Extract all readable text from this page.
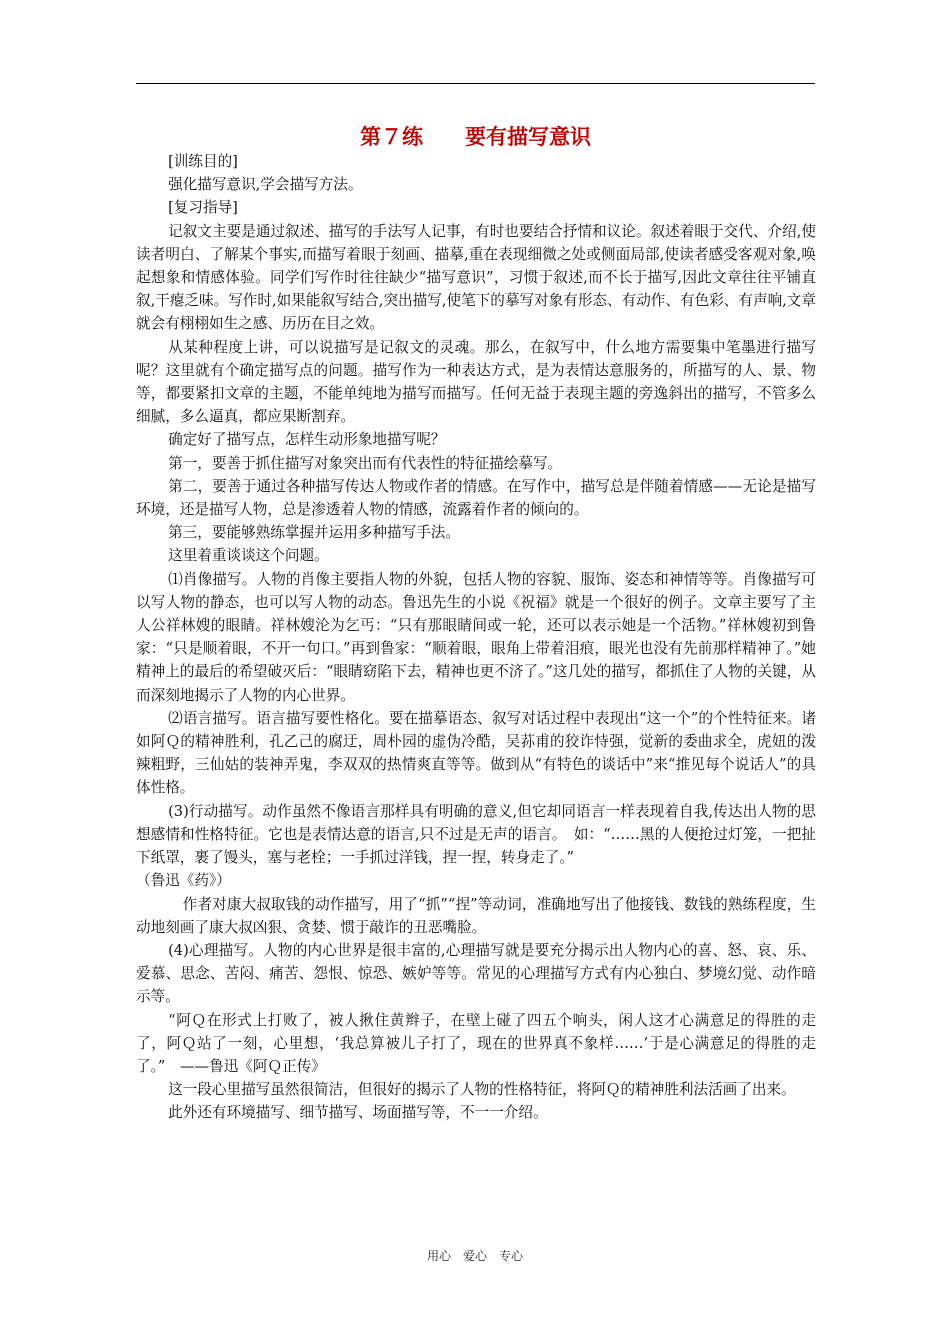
第７练　　要有描写意识

[训练目的]

强化描写意识,学会描写方法。

[复习指导]

记叙文主要是通过叙述、描写的手法写人记事，有时也要结合抒情和议论。叙述着眼于交代、介绍,使读者明白、了解某个事实,而描写着眼于刻画、描摹,重在表现细微之处或侧面局部,使读者感受客观对象,唤起想象和情感体验。同学们写作时往往缺少“描写意识”，习惯于叙述,而不长于描写,因此文章往往平铺直叙,干瘪乏味。写作时,如果能叙写结合,突出描写,使笔下的摹写对象有形态、有动作、有色彩、有声响,文章就会有栩栩如生之感、历历在目之效。

从某种程度上讲，可以说描写是记叙文的灵魂。那么，在叙写中，什么地方需要集中笔墨进行描写呢？这里就有个确定描写点的问题。描写作为一种表达方式，是为表情达意服务的，所描写的人、景、物等，都要紧扣文章的主题，不能单纯地为描写而描写。任何无益于表现主题的旁逸斜出的描写，不管多么细腻，多么逼真，都应果断割弃。

确定好了描写点，怎样生动形象地描写呢？

第一，要善于抓住描写对象突出而有代表性的特征描绘摹写。

第二，要善于通过各种描写传达人物或作者的情感。在写作中，描写总是伴随着情感——无论是描写环境，还是描写人物，总是渗透着人物的情感，流露着作者的倾向的。

第三，要能够熟练掌握并运用多种描写手法。

这里着重谈谈这个问题。

⑴肖像描写。人物的肖像主要指人物的外貌，包括人物的容貌、服饰、姿态和神情等等。肖像描写可以写人物的静态，也可以写人物的动态。鲁迅先生的小说《祝福》就是一个很好的例子。文章主要写了主人公祥林嫂的眼睛。祥林嫂沦为乞丐：“只有那眼睛间或一轮，还可以表示她是一个活物。”祥林嫂初到鲁家：“只是顺着眼，不开一句口。”再到鲁家：“顺着眼，眼角上带着泪痕，眼光也没有先前那样精神了。”她精神上的最后的希望破灭后：“眼睛窈陷下去，精神也更不济了。”这几处的描写，都抓住了人物的关键，从而深刻地揭示了人物的内心世界。

⑵语言描写。语言描写要性格化。要在描摹语态、叙写对话过程中表现出“这一个”的个性特征来。诸如阿Ｑ的精神胜利，孔乙己的腐迂，周朴园的虚伪冷酷，吴荪甫的狡诈恃强，觉新的委曲求全，虎妞的泼辣粗野，三仙姑的装神弄鬼，李双双的热情爽直等等。做到从“有特色的谈话中”来“推见每个说话人”的具体性格。

(3)行动描写。动作虽然不像语言那样具有明确的意义,但它却同语言一样表现着自我,传达出人物的思想感情和性格特征。它也是表情达意的语言,只不过是无声的语言。　如：“……黑的人便抢过灯笼，一把扯下纸罩，裹了馒头，塞与老栓；一手抓过洋钱，捏一捏，转身走了。”

（鲁迅《药》）

作者对康大叔取钱的动作描写，用了“抓”“捏”等动词，准确地写出了他接钱、数钱的熟练程度，生动地刻画了康大叔凶狠、贪婪、惯于敲诈的丑恶嘴脸。

(4)心理描写。人物的内心世界是很丰富的,心理描写就是要充分揭示出人物内心的喜、怒、哀、乐、爱慕、思念、苦闷、痛苦、怨恨、惊恐、嫉妒等等。常见的心理描写方式有内心独白、梦境幻觉、动作暗示等。

“阿Ｑ在形式上打败了，被人揪住黄辫子，在壁上碰了四五个响头，闲人这才心满意足的得胜的走了，阿Ｑ站了一刻，心里想，‘我总算被儿子打了，现在的世界真不象样……’于是心满意足的得胜的走了。”　——鲁迅《阿Ｑ正传》

这一段心里描写虽然很简洁，但很好的揭示了人物的性格特征，将阿Ｑ的精神胜利法活画了出来。

此外还有环境描写、细节描写、场面描写等，不一一介绍。

用心　爱心　专心
